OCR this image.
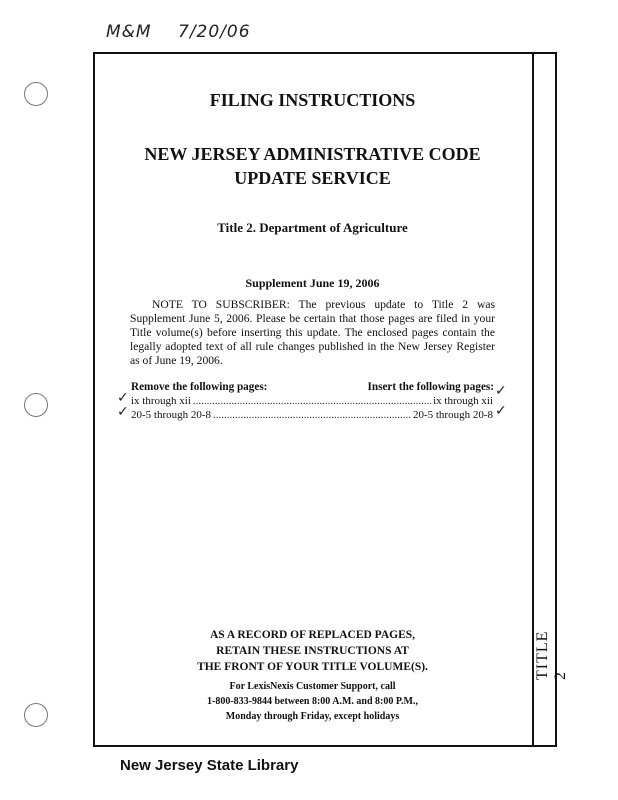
M&M 7/20/06
TITLE 2
FILING INSTRUCTIONS
NEW JERSEY ADMINISTRATIVE CODE
UPDATE SERVICE
Title 2. Department of Agriculture
Supplement June 19, 2006
NOTE TO SUBSCRIBER: The previous update to Title 2 was Supplement June 5, 2006. Please be certain that those pages are filed in your Title volume(s) before inserting this update. The enclosed pages contain the legally adopted text of all rule changes published in the New Jersey Register as of June 19, 2006.
Remove the following pages:	Insert the following pages:
ix through xii .....	ix through xii
20-5 through 20-8 .....	20-5 through 20-8
✓
✓
✓
✓
AS A RECORD OF REPLACED PAGES,
RETAIN THESE INSTRUCTIONS AT
THE FRONT OF YOUR TITLE VOLUME(S).
For LexisNexis Customer Support, call
1-800-833-9844 between 8:00 A.M. and 8:00 P.M.,
Monday through Friday, except holidays
New Jersey State Library
